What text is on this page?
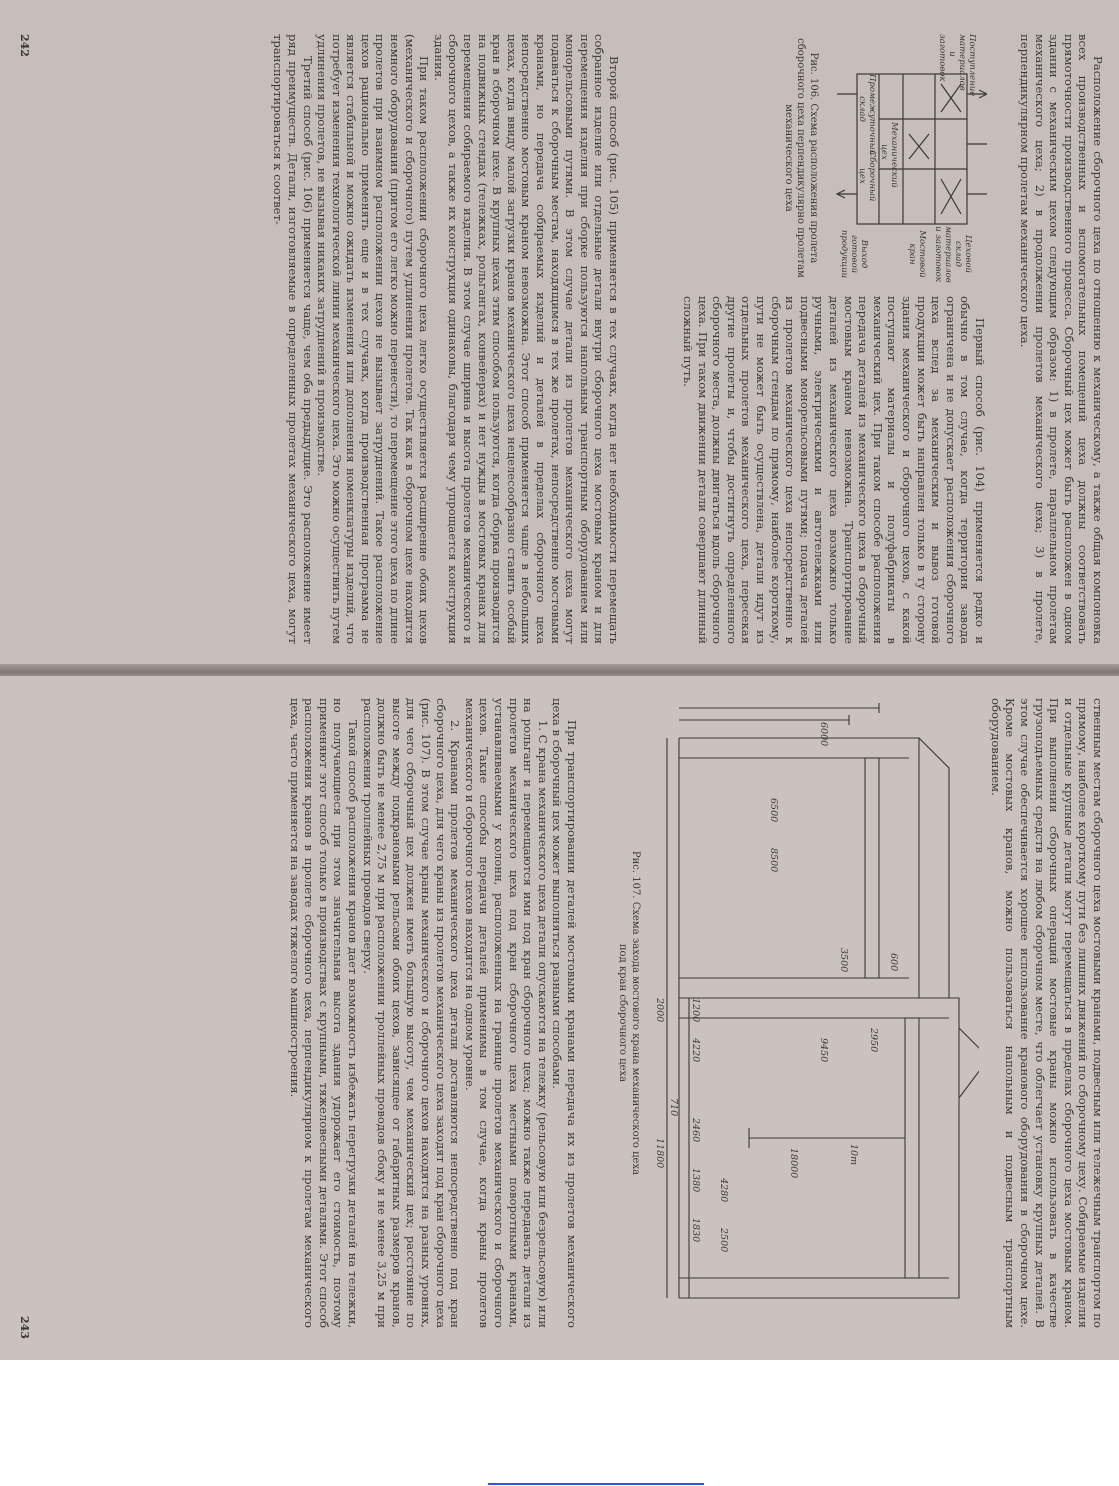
Расположение сборочного цеха по отношению к механическому, а также общая компоновка всех производственных и вспомогательных помещений цеха должны соответствовать прямоточности производственного процесса. Сборочный цех может быть расположен в одном здании с механическим цехом следующим образом: 1) в пролете, параллельном пролетам механического цеха; 2) в продолжении пролетов механического цеха; 3) в пролете, перпендикулярном пролетам механического цеха.

Цеховой склад материалов и заготовок
Поступление материалов и заготовок
Мостовой кран
Механический цех
Промежуточный склад
Сборочный цех
Выход готовой продукции

Рис. 106. Схема расположения пролета сборочного цеха перпендикулярно пролетам механического цеха

Первый способ (рис. 104) применяется редко и обычно в том случае, когда территория завода ограничена и не допускает расположения сборочного цеха вслед за механическим и вывоз готовой продукции может быть направлен только в ту сторону здания механического и сборочного цехов, с какой поступают материалы и полуфабрикаты в механический цех. При таком способе расположения передача деталей из механического цеха в сборочный мостовым краном невозможна. Транспортирование деталей из механического цеха возможно только ручными, электрическими и автотележками или подвесными монорельсовыми путями; подача деталей из пролетов механического цеха непосредственно к сборочным стендам по прямому, наиболее короткому, пути не может быть осуществлена, детали идут из отдельных пролетов механического цеха, пересекая другие пролеты и, чтобы достигнуть определенного сборочного места, должны двигаться вдоль сборочного цеха. При таком движении детали совершают длинный сложный путь.

Второй способ (рис. 105) применяется в тех случаях, когда нет необходимости перемещать собранное изделие или отдельные детали внутри сборочного цеха мостовым краном и для перемещения изделия при сборке пользуются напольным транспортным оборудованием или монорельсовыми путями. В этом случае детали из пролетов механического цеха могут подаваться к сборочным местам, находящимся в тех же пролетах, непосредственно мостовыми кранами, но передача собираемых изделий и деталей в пределах сборочного цеха непосредственно мостовым краном невозможна. Этот способ применяется чаще в небольших цехах, когда ввиду малой загрузки кранов механического цеха нецелесообразно ставить особый кран в сборочном цехе. В крупных цехах этим способом пользуются, когда сборка производится на подвижных стендах (тележках, рольгангах, конвейерах) и нет нужды в мостовых кранах для перемещения собираемого изделия. В этом случае ширина и высота пролетов механического и сборочного цехов, а также их конструкция одинаковы, благодаря чему упрощается конструкция здания.

При таком расположении сборочного цеха легко осуществляется расширение обоих цехов (механического и сборочного) путем удлинения пролетов. Так как в сборочном цехе находится немного оборудования (притом его легко можно перенести), то перемещение этого цеха по длине пролетов при взаимном расположении цехов не вызывает затруднений. Такое расположение цехов рационально применять еще и в тех случаях, когда производственная программа не является стабильной и можно ожидать изменения или дополнения номенклатуры изделий, что потребует изменения технологической линии механического цеха. Это можно осуществить путем удлинения пролетов, не вызывая никаких затруднений в производстве.

Третий способ (рис. 106) применяется чаще, чем оба предыдущие. Это расположение имеет ряд преимуществ. Детали, изготовляемые в определенных пролетах механического цеха, могут транспортироваться к соответ-

242

ственным местам сборочного цеха мостовыми кранами, подвесным или тележечным транспортом по прямому, наиболее короткому пути без лишних движений по сборочному цеху. Собираемые изделия и отдельные крупные детали могут перемещаться в пределах сборочного цеха мостовым краном. При выполнении сборочных операций мостовые краны можно использовать в качестве грузоподъемных средств на любом сборочном месте, что облегчает установку крупных деталей. В этом случае обеспечивается хорошее использование кранового оборудования в сборочном цехе. Кроме мостовых кранов, можно пользоваться напольным и подвесным транспортным оборудованием.

6000
6500
8500
600
3500
2950
9450
18000	10т
4280
2500
1200
4220
2460
1380
1830
2000
710
11800

Рис. 107. Схема захода мостового крана механического цеха под кран сборочного цеха

При транспортировании деталей мостовыми кранами передача их из пролетов механического цеха в сборочный цех может выполняться разными способами.

1. С крана механического цеха детали опускаются на тележку (рельсовую или безрельсовую) или на рольганг и перемещаются ими под кран сборочного цеха; можно также передавать детали из пролетов механического цеха под кран сборочного цеха местными поворотными кранами, устанавливаемыми у колонн, расположенных на границе пролетов механического и сборочного цехов. Такие способы передачи деталей применимы в том случае, когда краны пролетов механического и сборочного цехов находятся на одном уровне.

2. Кранами пролетов механического цеха детали доставляются непосредственно под кран сборочного цеха, для чего краны из пролетов механического цеха заходят под кран сборочного цеха (рис. 107). В этом случае краны механического и сборочного цехов находятся на разных уровнях, для чего сборочный цех должен иметь большую высоту, чем механический цех; расстояние по высоте между подкрановыми рельсами обоих цехов, зависящее от габаритных размеров кранов, должно быть не менее 2,75 м при расположении троллейных проводов сбоку и не менее 3,25 м при расположении троллейных проводов сверху.

Такой способ расположения кранов дает возможность избежать перегрузки деталей на тележки, но получающиеся при этом значительная высота здания удорожает его стоимость, поэтому применяют этот способ только в производствах с крупными, тяжеловесными деталями. Этот способ расположения кранов в пролете сборочного цеха, перпендикулярном к пролетам механического цеха, часто применяется на заводах тяжелого машиностроения.

243
